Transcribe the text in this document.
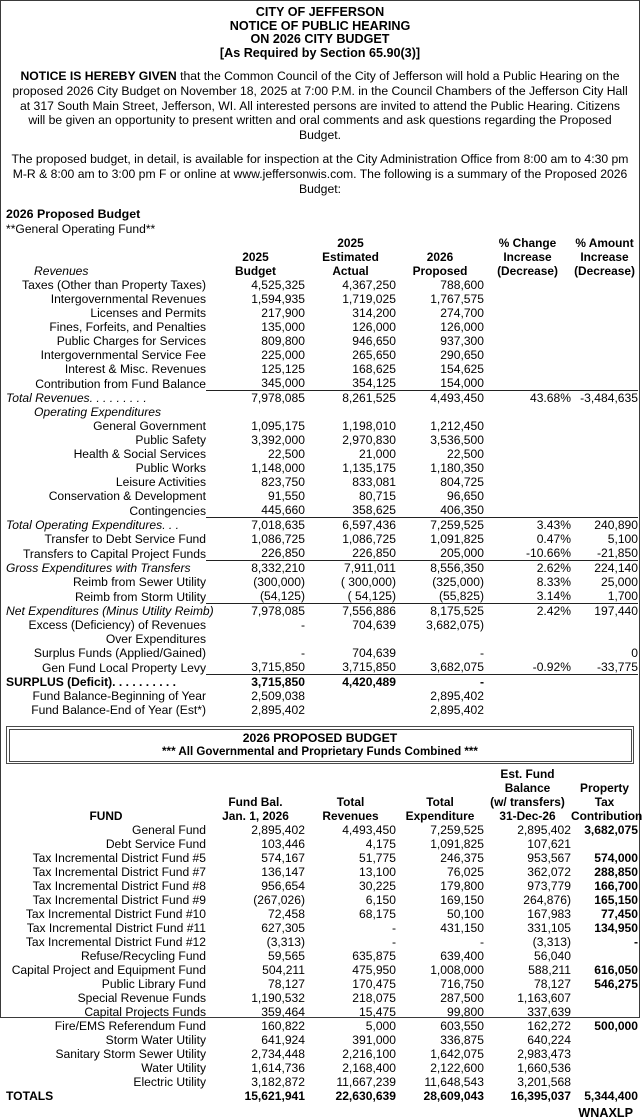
CITY OF JEFFERSON
NOTICE OF PUBLIC HEARING
ON 2026 CITY BUDGET
[As Required by Section 65.90(3)]
NOTICE IS HEREBY GIVEN that the Common Council of the City of Jefferson will hold a Public Hearing on the proposed 2026 City Budget on November 18, 2025 at 7:00 P.M. in the Council Chambers of the Jefferson City Hall at 317 South Main Street, Jefferson, WI. All interested persons are invited to attend the Public Hearing. Citizens will be given an opportunity to present written and oral comments and ask questions regarding the Proposed Budget.
The proposed budget, in detail, is available for inspection at the City Administration Office from 8:00 am to 4:30 pm M-R & 8:00 am to 3:00 pm F or online at www.jeffersonwis.com. The following is a summary of the Proposed 2026 Budget:
2026 Proposed Budget
**General Operating Fund**
		2025		% Change	% Amount
	2025	Estimated	2026	Increase	Increase
Revenues	Budget	Actual	Proposed	(Decrease)	(Decrease)
Taxes (Other than Property Taxes)	4,525,325	4,367,250	788,600		
Intergovernmental Revenues	1,594,935	1,719,025	1,767,575		
Licenses and Permits	217,900	314,200	274,700		
Fines, Forfeits, and Penalties	135,000	126,000	126,000		
Public Charges for Services	809,800	946,650	937,300		
Intergovernmental Service Fee	225,000	265,650	290,650		
Interest & Misc. Revenues	125,125	168,625	154,625		
Contribution from Fund Balance	345,000	354,125	154,000		
Total Revenues. . . . . . . . .	7,978,085	8,261,525	4,493,450	43.68%	-3,484,635
Operating Expenditures					
General Government	1,095,175	1,198,010	1,212,450		
Public Safety	3,392,000	2,970,830	3,536,500		
Health & Social Services	22,500	21,000	22,500		
Public Works	1,148,000	1,135,175	1,180,350		
Leisure Activities	823,750	833,081	804,725		
Conservation & Development	91,550	80,715	96,650		
Contingencies	445,660	358,625	406,350		
Total Operating Expenditures. . .	7,018,635	6,597,436	7,259,525	3.43%	240,890
Transfer to Debt Service Fund	1,086,725	1,086,725	1,091,825	0.47%	5,100
Transfers to Capital Project Funds	226,850	226,850	205,000	-10.66%	-21,850
Gross Expenditures with Transfers	8,332,210	7,911,011	8,556,350	2.62%	224,140
Reimb from Sewer Utility	(300,000)	( 300,000)	(325,000)	8.33%	25,000
Reimb from Storm Utility	(54,125)	( 54,125)	(55,825)	3.14%	1,700
Net Expenditures (Minus Utility Reimb)	7,978,085	7,556,886	8,175,525	2.42%	197,440
Excess (Deficiency) of Revenues	-	704,639	3,682,075)		
Over Expenditures					
Surplus Funds (Applied/Gained)	-	704,639	-		0
Gen Fund Local Property Levy	3,715,850	3,715,850	3,682,075	-0.92%	-33,775
SURPLUS (Deficit). . . . . . . . . .	3,715,850	4,420,489	-		
Fund Balance-Beginning of Year	2,509,038		2,895,402		
Fund Balance-End of Year (Est*)	2,895,402		2,895,402		
2026 PROPOSED BUDGET
*** All Governmental and Proprietary Funds Combined ***
				Est. Fund	
				Balance	Property
	Fund Bal.	Total	Total	(w/ transfers)	Tax
FUND	Jan. 1, 2026	Revenues	Expenditure	31-Dec-26	Contribution
General Fund	2,895,402	4,493,450	7,259,525	2,895,402	3,682,075
Debt Service Fund	103,446	4,175	1,091,825	107,621	
Tax Incremental District Fund #5	574,167	51,775	246,375	953,567	574,000
Tax Incremental District Fund #7	136,147	13,100	76,025	362,072	288,850
Tax Incremental District Fund #8	956,654	30,225	179,800	973,779	166,700
Tax Incremental District Fund #9	(267,026)	6,150	169,150	264,876)	165,150
Tax Incremental District Fund #10	72,458	68,175	50,100	167,983	77,450
Tax Incremental District Fund #11	627,305	-	431,150	331,105	134,950
Tax Incremental District Fund #12	(3,313)	-	-	(3,313)	-
Refuse/Recycling Fund	59,565	635,875	639,400	56,040	
Capital Project and Equipment Fund	504,211	475,950	1,008,000	588,211	616,050
Public Library Fund	78,127	170,475	716,750	78,127	546,275
Special Revenue Funds	1,190,532	218,075	287,500	1,163,607	
Capital Projects Funds	359,464	15,475	99,800	337,639	
Fire/EMS Referendum Fund	160,822	5,000	603,550	162,272	500,000
Storm Water Utility	641,924	391,000	336,875	640,224	
Sanitary Storm Sewer Utility	2,734,448	2,216,100	1,642,075	2,983,473	
Water Utility	1,614,736	2,168,400	2,122,600	1,660,536	
Electric Utility	3,182,872	11,667,239	11,648,543	3,201,568	
TOTALS	15,621,941	22,630,639	28,609,043	16,395,037	5,344,400
WNAXLP
